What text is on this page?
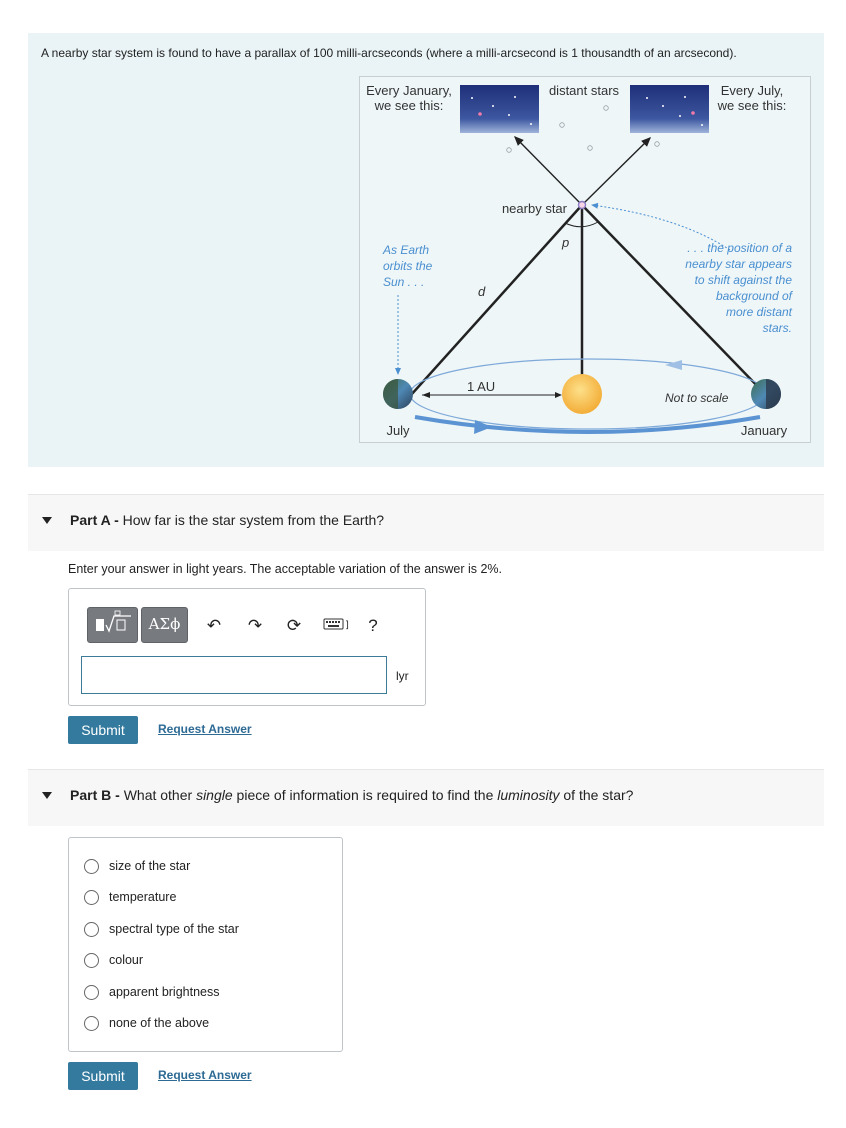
A nearby star system is found to have a parallax of 100 milli-arcseconds (where a milli-arcsecond is 1 thousandth of an arcsecond).
Every January,
we see this:
distant stars	Every July,
we see this:
nearby star
p
d
1 AU
July	January
Not to scale
As Earth
orbits the
Sun . . .
. . . the position of a
nearby star appears
to shift against the
background of
more distant
stars.
Part A - How far is the star system from the Earth?
Enter your answer in light years. The acceptable variation of the answer is 2%.
ΑΣϕ	↶ ↷ ⟳	]	?
lyr
Submit	Request Answer
Part B - What other single piece of information is required to find the luminosity of the star?
size of the star
temperature
spectral type of the star
colour
apparent brightness
none of the above
Submit	Request Answer
